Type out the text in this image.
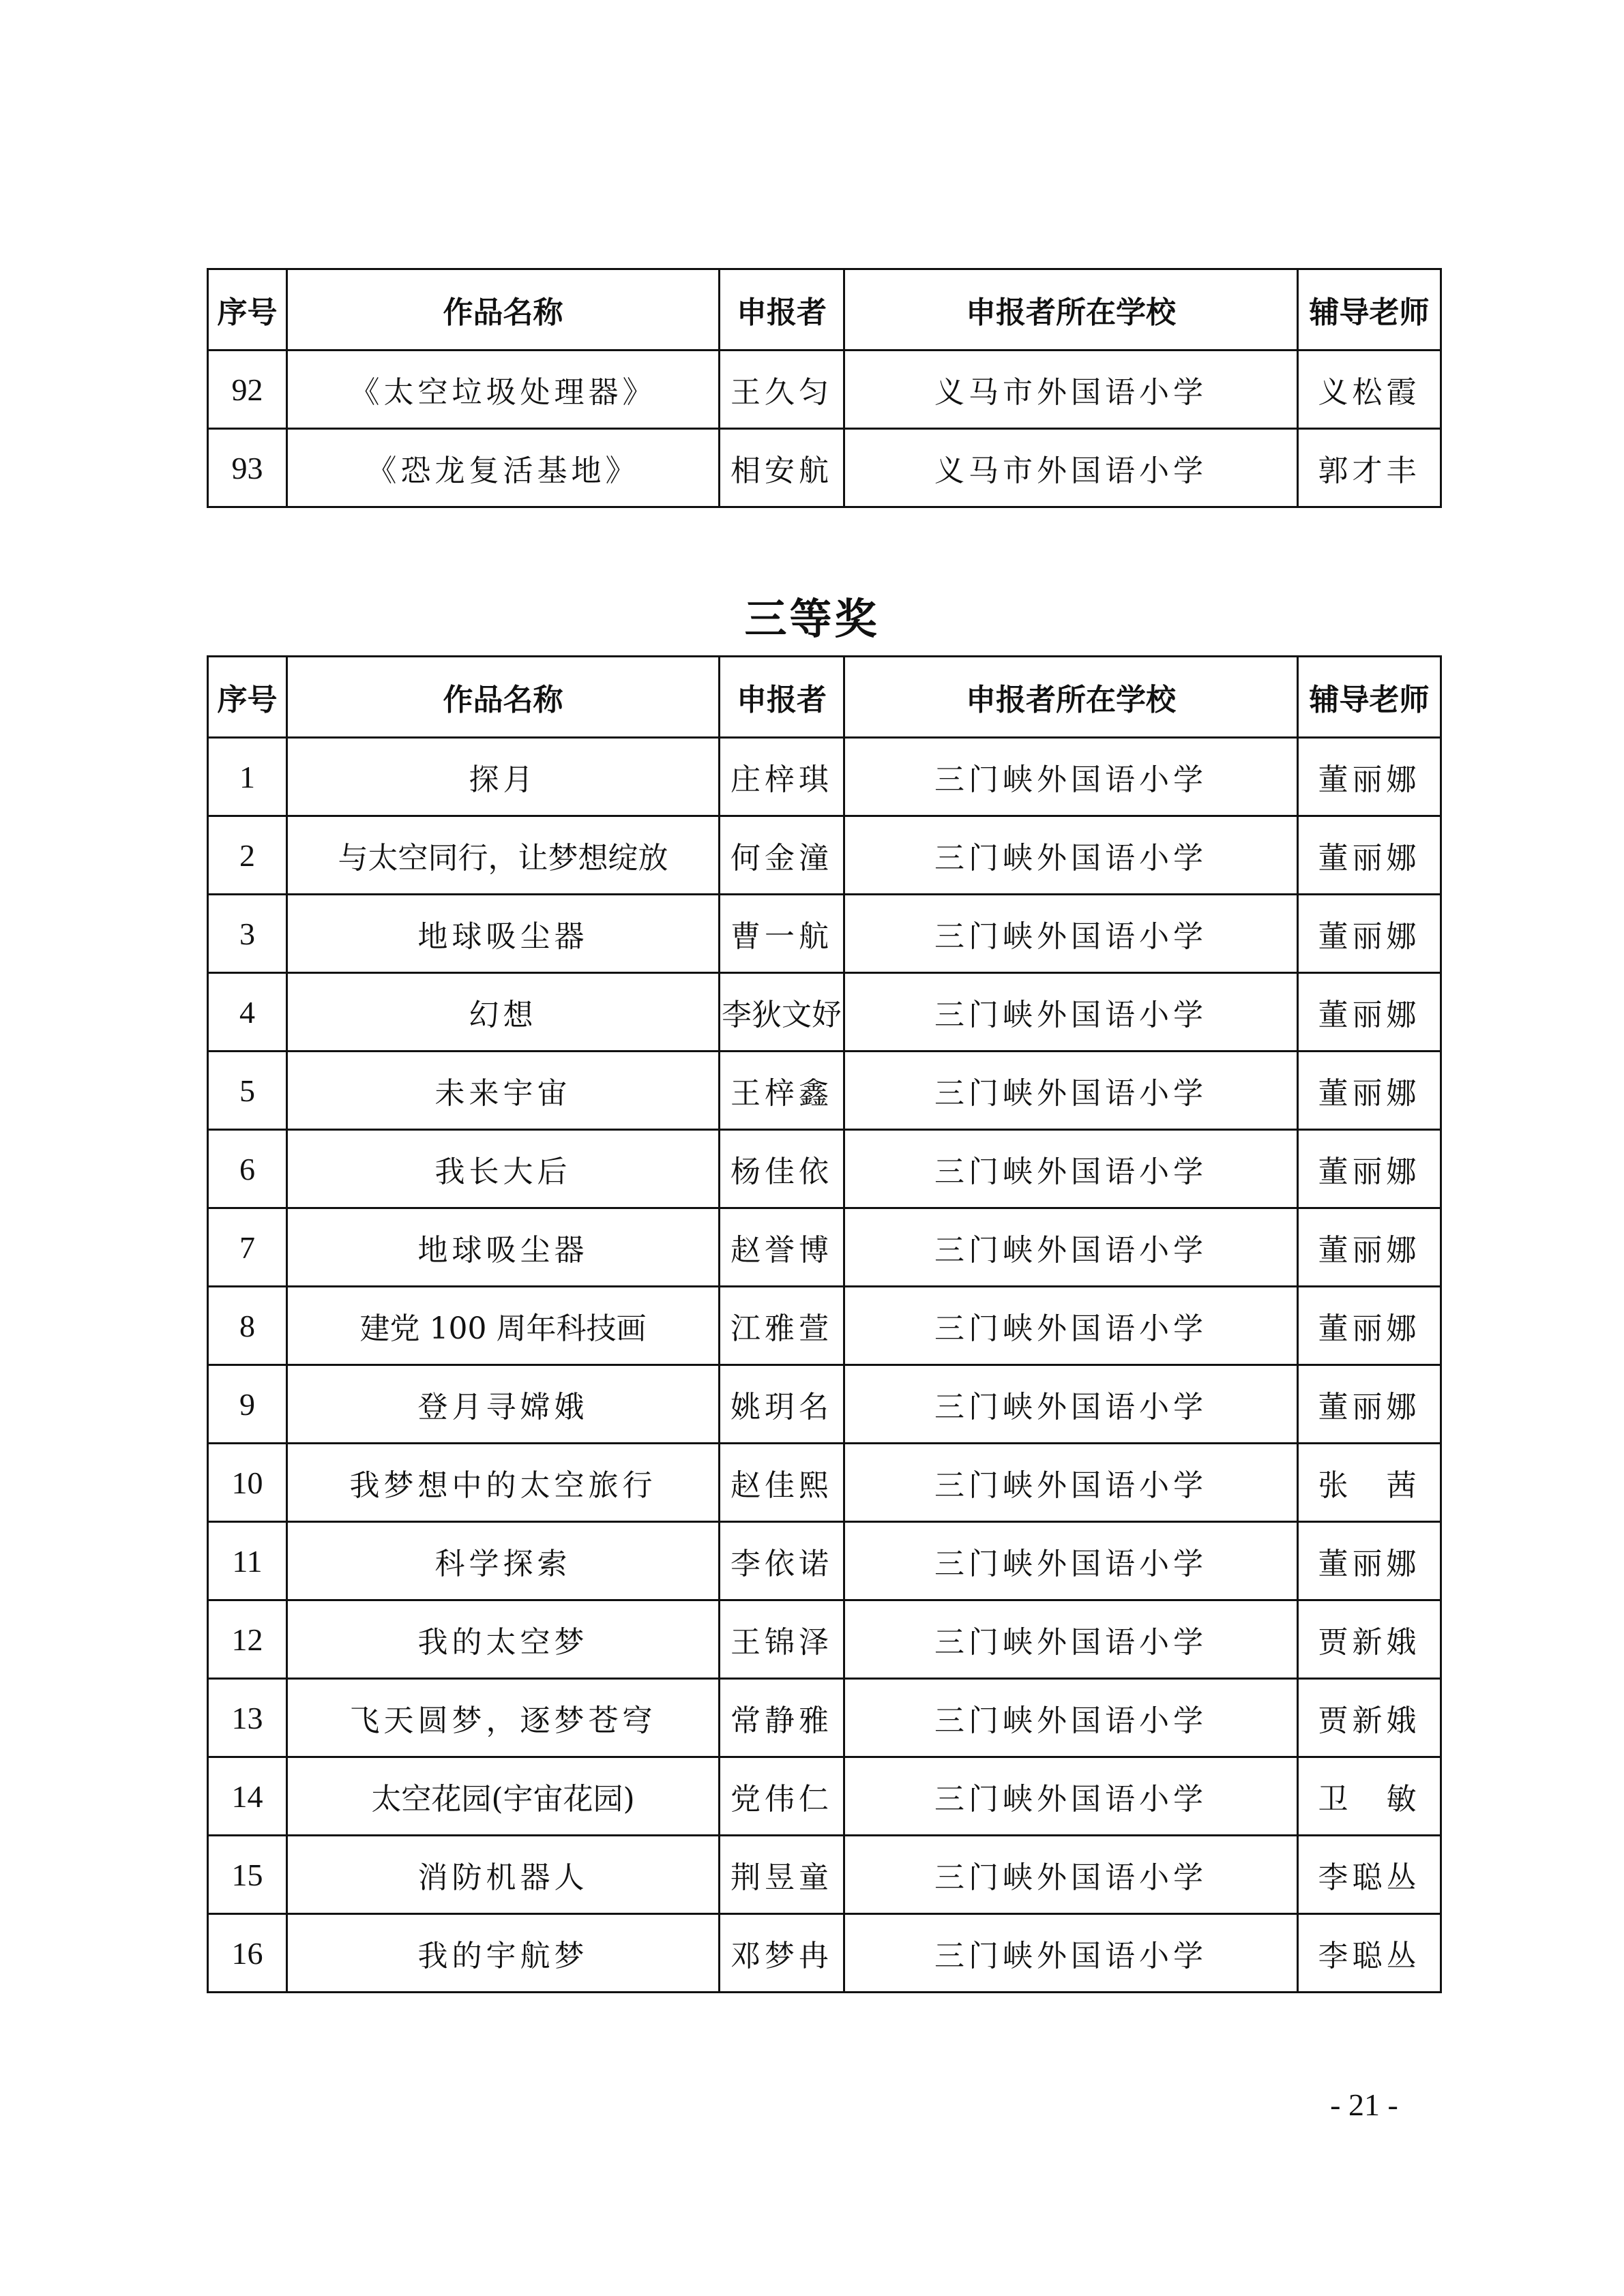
序号	作品名称	申报者	申报者所在学校	辅导老师
92	《太空垃圾处理器》	王久匀	义马市外国语小学	义松霞
93	《恐龙复活基地》	相安航	义马市外国语小学	郭才丰
三等奖
序号	作品名称	申报者	申报者所在学校	辅导老师
1	探月	庄梓琪	三门峡外国语小学	董丽娜
2	与太空同行，让梦想绽放	何金潼	三门峡外国语小学	董丽娜
3	地球吸尘器	曹一航	三门峡外国语小学	董丽娜
4	幻想	李狄文妤	三门峡外国语小学	董丽娜
5	未来宇宙	王梓鑫	三门峡外国语小学	董丽娜
6	我长大后	杨佳依	三门峡外国语小学	董丽娜
7	地球吸尘器	赵誉博	三门峡外国语小学	董丽娜
8	建党 100 周年科技画	江雅萱	三门峡外国语小学	董丽娜
9	登月寻嫦娥	姚玥名	三门峡外国语小学	董丽娜
10	我梦想中的太空旅行	赵佳熙	三门峡外国语小学	张　茜
11	科学探索	李依诺	三门峡外国语小学	董丽娜
12	我的太空梦	王锦泽	三门峡外国语小学	贾新娥
13	飞天圆梦，逐梦苍穹	常静雅	三门峡外国语小学	贾新娥
14	太空花园(宇宙花园)	党伟仁	三门峡外国语小学	卫　敏
15	消防机器人	荆昱童	三门峡外国语小学	李聪丛
16	我的宇航梦	邓梦冉	三门峡外国语小学	李聪丛
- 21 -
